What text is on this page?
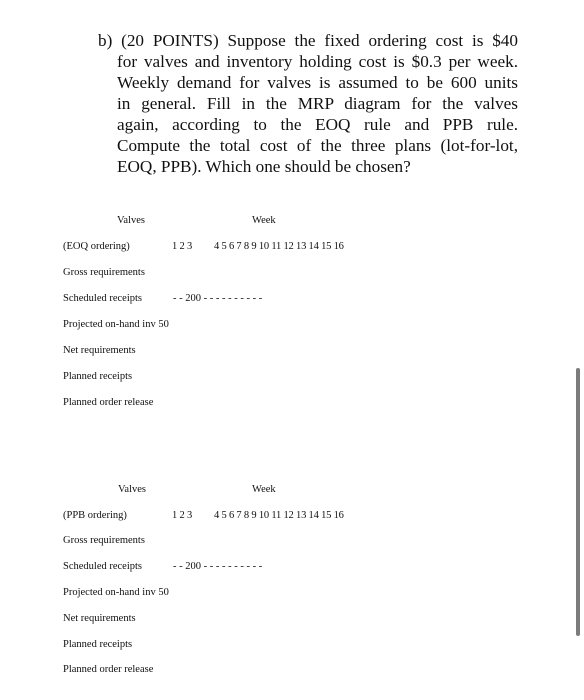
b) (20 POINTS) Suppose the fixed ordering cost is $40
for valves and inventory holding cost is $0.3 per week.
Weekly demand for valves is assumed to be 600 units
in general. Fill in the MRP diagram for the valves
again, according to the EOQ rule and PPB rule.
Compute the total cost of the three plans (lot-for-lot,
EOQ, PPB). Which one should be chosen?
Valves	Week
(EOQ ordering)	1 2 3 4 5 6 7 8 9 10 11 12 13 14 15 16
Gross requirements
Scheduled receipts	- - 200 - - - - - - - - - -
Projected on-hand inv 50
Net requirements
Planned receipts
Planned order release
Valves	Week
(PPB ordering)	1 2 3 4 5 6 7 8 9 10 11 12 13 14 15 16
Gross requirements
Scheduled receipts	- - 200 - - - - - - - - - -
Projected on-hand inv 50
Net requirements
Planned receipts
Planned order release
